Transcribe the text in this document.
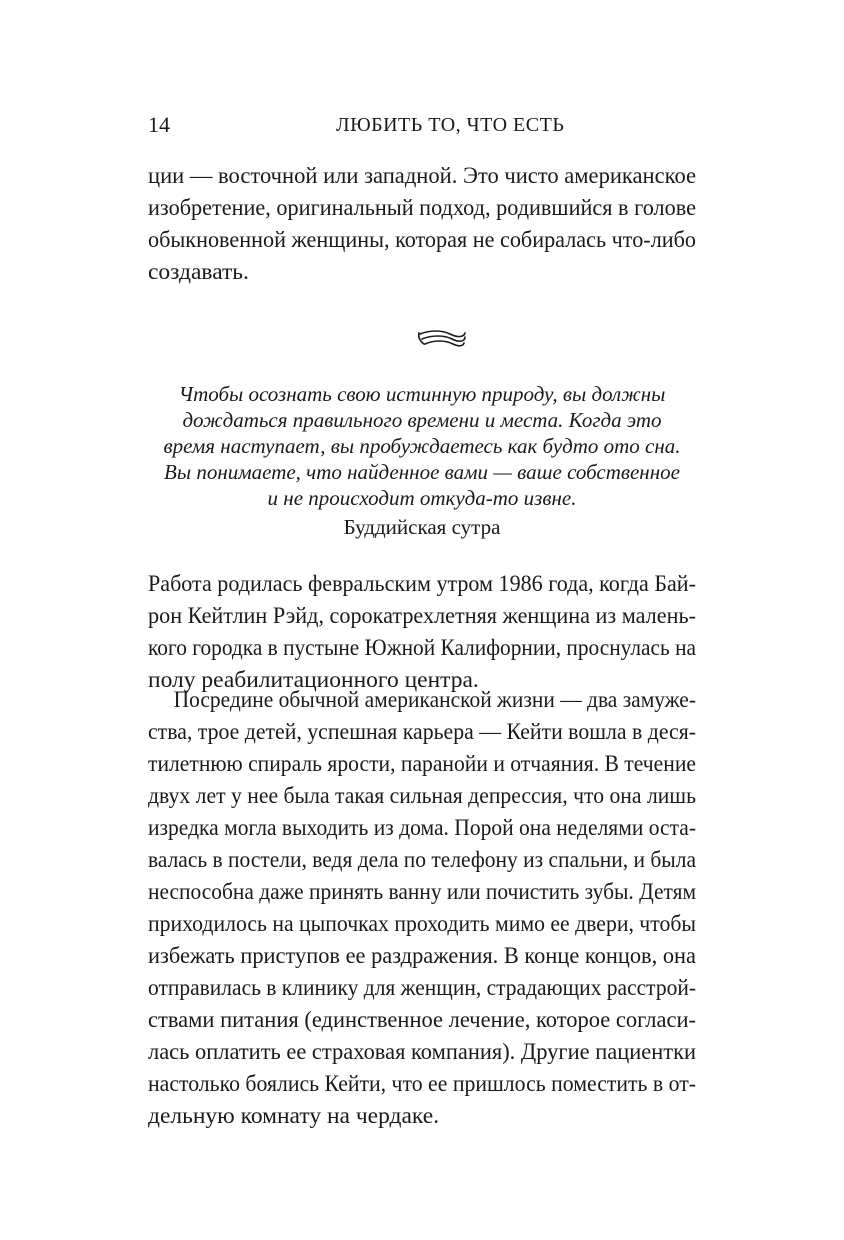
14	ЛЮБИТЬ ТО, ЧТО ЕСТЬ
ции — восточной или западной. Это чисто американское
изобретение, оригинальный подход, родившийся в голове
обыкновенной женщины, которая не собиралась что-либо
создавать.
Чтобы осознать свою истинную природу, вы должны
дождаться правильного времени и места. Когда это
время наступает, вы пробуждаетесь как будто ото сна.
Вы понимаете, что найденное вами — ваше собственное
и не происходит откуда-то извне.
Буддийская сутра
Работа родилась февральским утром 1986 года, когда Бай-
рон Кейтлин Рэйд, сорокатрехлетняя женщина из малень-
кого городка в пустыне Южной Калифорнии, проснулась на
полу реабилитационного центра.
Посредине обычной американской жизни — два замуже-
ства, трое детей, успешная карьера — Кейти вошла в деся-
тилетнюю спираль ярости, паранойи и отчаяния. В течение
двух лет у нее была такая сильная депрессия, что она лишь
изредка могла выходить из дома. Порой она неделями оста-
валась в постели, ведя дела по телефону из спальни, и была
неспособна даже принять ванну или почистить зубы. Детям
приходилось на цыпочках проходить мимо ее двери, чтобы
избежать приступов ее раздражения. В конце концов, она
отправилась в клинику для женщин, страдающих расстрой-
ствами питания (единственное лечение, которое согласи-
лась оплатить ее страховая компания). Другие пациентки
настолько боялись Кейти, что ее пришлось поместить в от-
дельную комнату на чердаке.
